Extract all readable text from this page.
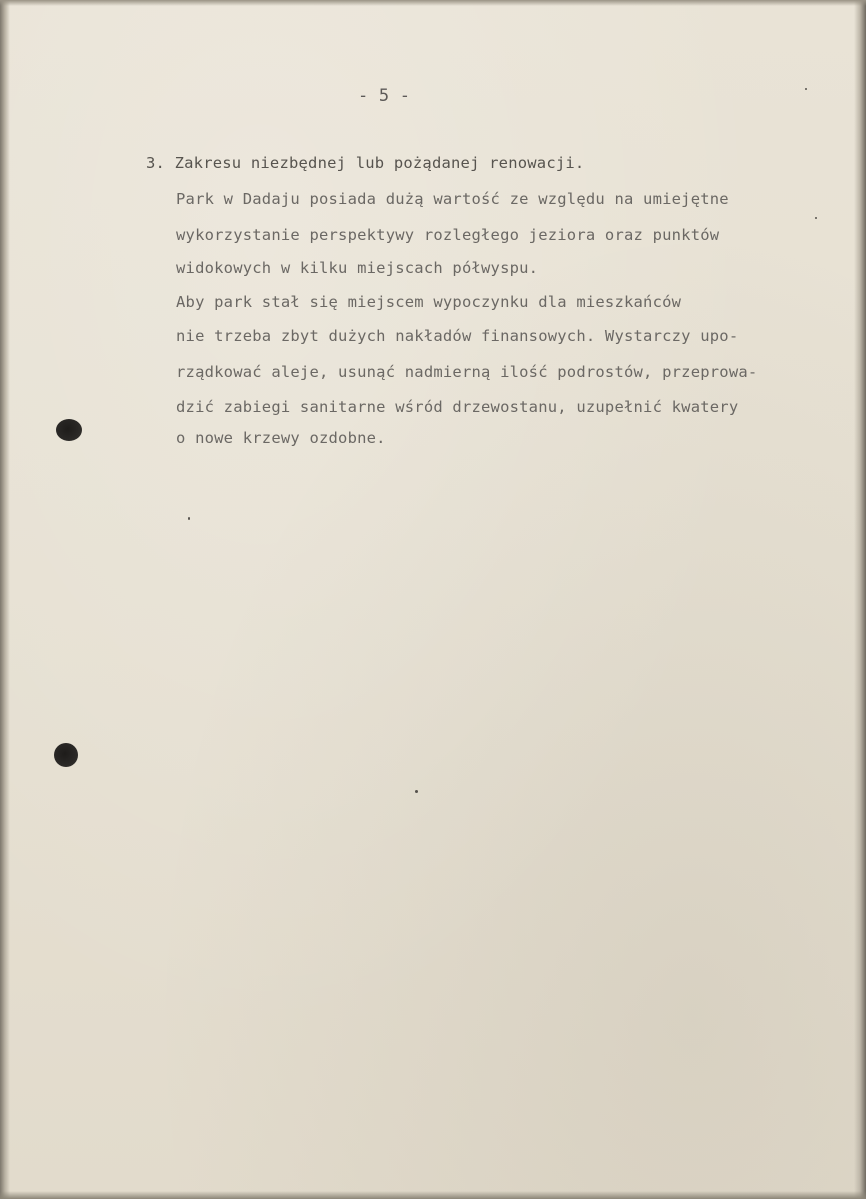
- 5 -
3. Zakresu niezbędnej lub pożądanej renowacji.
Park w Dadaju posiada dużą wartość ze względu na umiejętne
wykorzystanie perspektywy rozległego jeziora oraz punktów
widokowych w kilku miejscach półwyspu.
Aby park stał się miejscem wypoczynku dla mieszkańców
nie trzeba zbyt dużych nakładów finansowych. Wystarczy upo-
rządkować aleje, usunąć nadmierną ilość podrostów, przeprowa-
dzić zabiegi sanitarne wśród drzewostanu, uzupełnić kwatery
o nowe krzewy ozdobne.
